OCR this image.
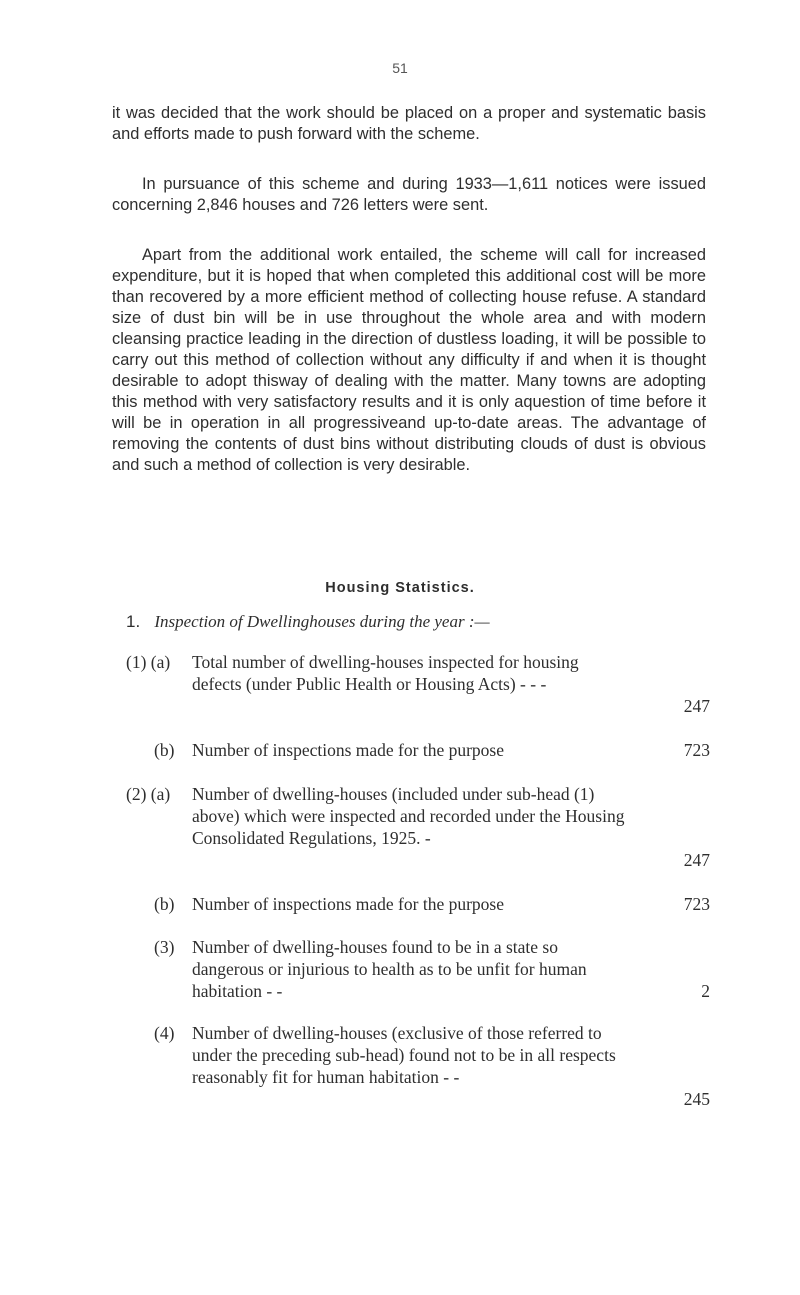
51

it was decided that the work should be placed on a proper and systematic basis and efforts made to push forward with the scheme.

In pursuance of this scheme and during 1933—1,611 notices were issued concerning 2,846 houses and 726 letters were sent.

Apart from the additional work entailed, the scheme will call for increased expenditure, but it is hoped that when completed this additional cost will be more than recovered by a more efficient method of collecting house refuse. A standard size of dust bin will be in use throughout the whole area and with modern cleansing practice leading in the direction of dustless loading, it will be possible to carry out this method of collection without any difficulty if and when it is thought desirable to adopt thisway of dealing with the matter. Many towns are adopting this method with very satisfactory results and it is only aquestion of time before it will be in operation in all progressiveand up-to-date areas. The advantage of removing the contents of dust bins without distributing clouds of dust is obvious and such a method of collection is very desirable.

Housing Statistics.

1. Inspection of Dwellinghouses during the year :—

(1) (a) Total number of dwelling-houses inspected for housing defects (under Public Health or Housing Acts) - - -
247
(b) Number of inspections made for the purpose	723
(2) (a) Number of dwelling-houses (included under sub-head (1) above) which were inspected and recorded under the Housing Consolidated Regulations, 1925. -
247
(b) Number of inspections made for the purpose	723
(3) Number of dwelling-houses found to be in a state so dangerous or injurious to health as to be unfit for human habitation - -	2
(4) Number of dwelling-houses (exclusive of those referred to under the preceding sub-head) found not to be in all respects reasonably fit for human habitation - -
245
